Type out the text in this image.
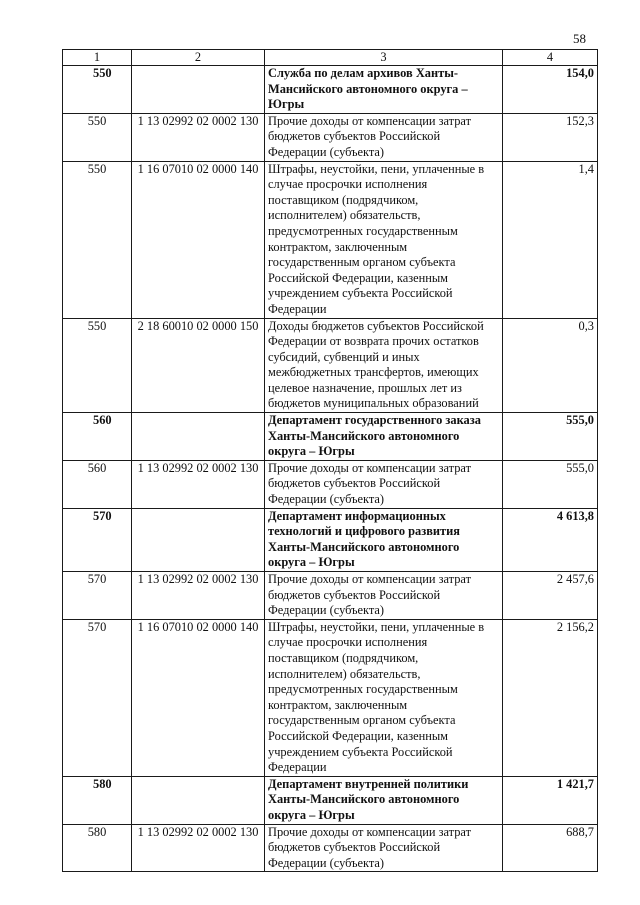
58
1	2	3	4
550		Служба по делам архивов Ханты-Мансийского автономного округа – Югры	154,0
550	1 13 02992 02 0002 130	Прочие доходы от компенсации затрат бюджетов субъектов Российской Федерации (субъекта)	152,3
550	1 16 07010 02 0000 140	Штрафы, неустойки, пени, уплаченные в случае просрочки исполнения поставщиком (подрядчиком, исполнителем) обязательств, предусмотренных государственным контрактом, заключенным государственным органом субъекта Российской Федерации, казенным учреждением субъекта Российской Федерации	1,4
550	2 18 60010 02 0000 150	Доходы бюджетов субъектов Российской Федерации от возврата прочих остатков субсидий, субвенций и иных межбюджетных трансфертов, имеющих целевое назначение, прошлых лет из бюджетов муниципальных образований	0,3
560		Департамент государственного заказа Ханты-Мансийского автономного округа – Югры	555,0
560	1 13 02992 02 0002 130	Прочие доходы от компенсации затрат бюджетов субъектов Российской Федерации (субъекта)	555,0
570		Департамент информационных технологий и цифрового развития Ханты-Мансийского автономного округа – Югры	4 613,8
570	1 13 02992 02 0002 130	Прочие доходы от компенсации затрат бюджетов субъектов Российской Федерации (субъекта)	2 457,6
570	1 16 07010 02 0000 140	Штрафы, неустойки, пени, уплаченные в случае просрочки исполнения поставщиком (подрядчиком, исполнителем) обязательств, предусмотренных государственным контрактом, заключенным государственным органом субъекта Российской Федерации, казенным учреждением субъекта Российской Федерации	2 156,2
580		Департамент внутренней политики Ханты-Мансийского автономного округа – Югры	1 421,7
580	1 13 02992 02 0002 130	Прочие доходы от компенсации затрат бюджетов субъектов Российской Федерации (субъекта)	688,7
